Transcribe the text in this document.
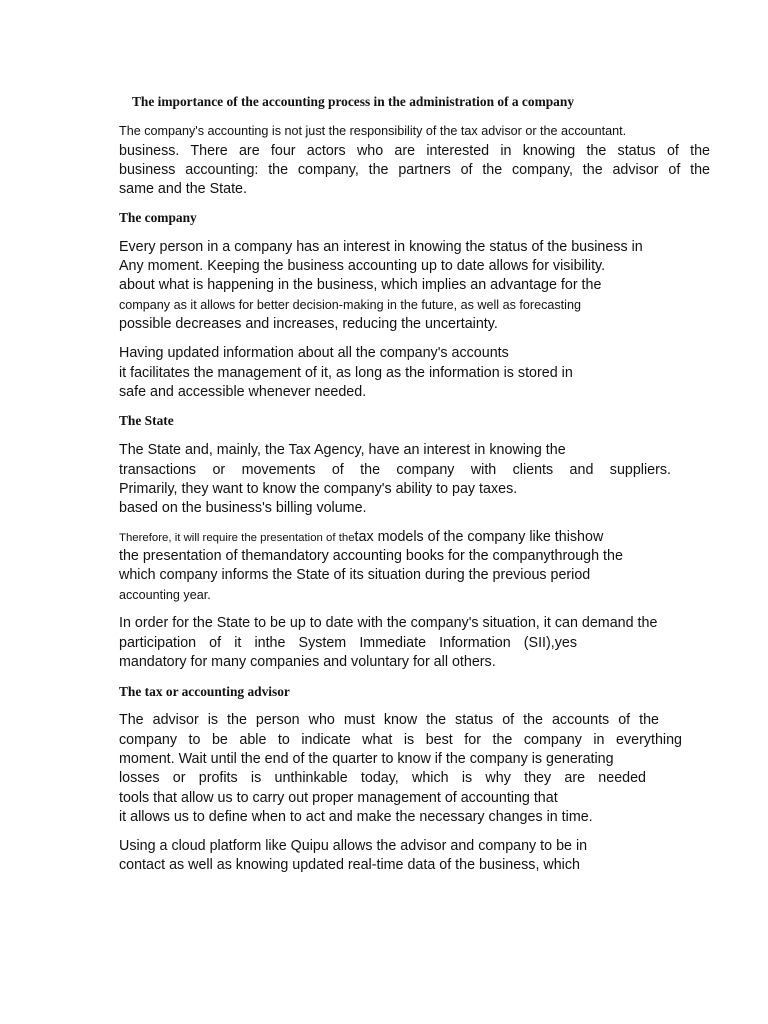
The importance of the accounting process in the administration of a company
The company's accounting is not just the responsibility of the tax advisor or the accountant.
business. There are four actors who are interested in knowing the status of the
business accounting: the company, the partners of the company, the advisor of the
same and the State.
The company
Every person in a company has an interest in knowing the status of the business in
Any moment. Keeping the business accounting up to date allows for visibility.
about what is happening in the business, which implies an advantage for the
company as it allows for better decision-making in the future, as well as forecasting
possible decreases and increases, reducing the uncertainty.
Having updated information about all the company's accounts
it facilitates the management of it, as long as the information is stored in
safe and accessible whenever needed.
The State
The State and, mainly, the Tax Agency, have an interest in knowing the
transactions or movements of the company with clients and suppliers.
Primarily, they want to know the company's ability to pay taxes.
based on the business's billing volume.
Therefore, it will require the presentation of thetax models of the company like thishow
the presentation of themandatory accounting books for the companythrough the
which company informs the State of its situation during the previous period
accounting year.
In order for the State to be up to date with the company's situation, it can demand the
participation of it inthe System Immediate Information (SII),yes
mandatory for many companies and voluntary for all others.
The tax or accounting advisor
The advisor is the person who must know the status of the accounts of the
company to be able to indicate what is best for the company in everything
moment. Wait until the end of the quarter to know if the company is generating
losses or profits is unthinkable today, which is why they are needed
tools that allow us to carry out proper management of accounting that
it allows us to define when to act and make the necessary changes in time.
Using a cloud platform like Quipu allows the advisor and company to be in
contact as well as knowing updated real-time data of the business, which
